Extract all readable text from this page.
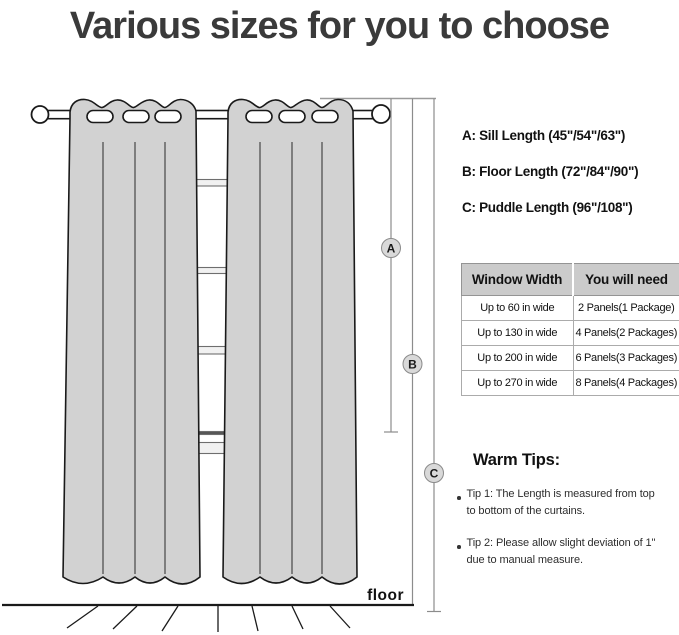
Various sizes for you to choose
A
B
C
floor
A: Sill Length (45"/54"/63")
B: Floor Length (72"/84"/90")
C: Puddle Length (96"/108")
Window Width	You will need
Up to 60 in wide	2 Panels(1 Package)
Up to 130 in wide	4 Panels(2 Packages)
Up to 200 in wide	6 Panels(3 Packages)
Up to 270 in wide	8 Panels(4 Packages)
Warm Tips:
Tip 1: The Length is measured from top to bottom of the curtains.
Tip 2: Please allow slight deviation of 1" due to manual measure.
